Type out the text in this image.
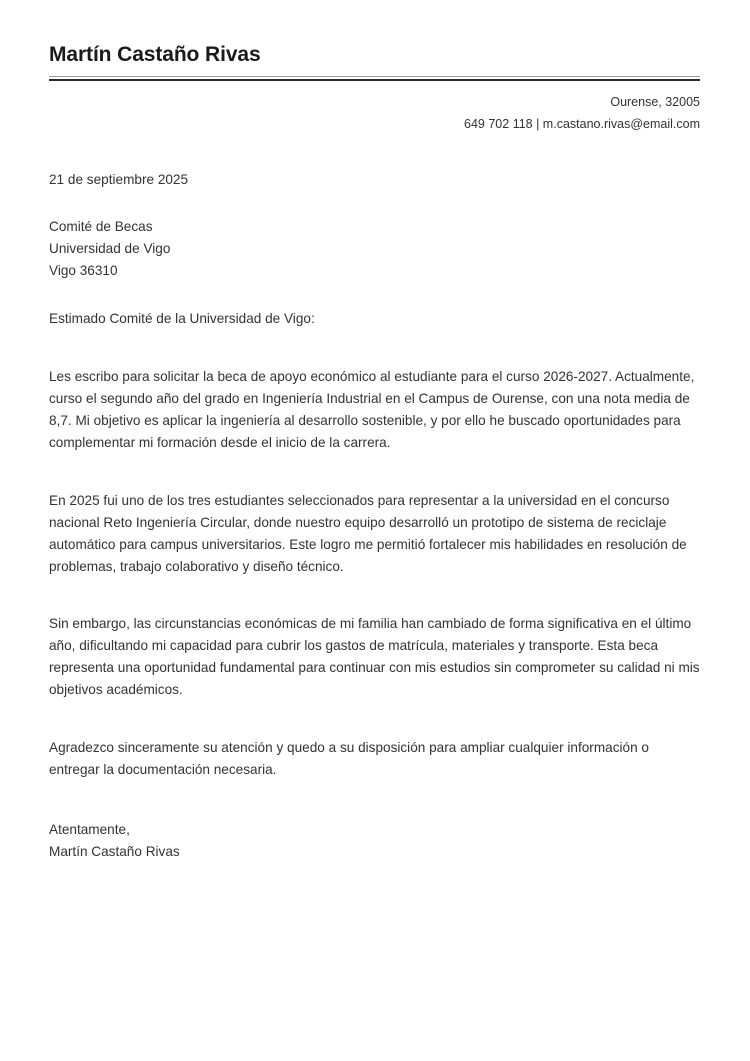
Martín Castaño Rivas
Ourense, 32005
649 702 118 | m.castano.rivas@email.com
21 de septiembre 2025
Comité de Becas
Universidad de Vigo
Vigo 36310
Estimado Comité de la Universidad de Vigo:

Les escribo para solicitar la beca de apoyo económico al estudiante para el curso 2026-2027. Actualmente, curso el segundo año del grado en Ingeniería Industrial en el Campus de Ourense, con una nota media de 8,7. Mi objetivo es aplicar la ingeniería al desarrollo sostenible, y por ello he buscado oportunidades para complementar mi formación desde el inicio de la carrera.

En 2025 fui uno de los tres estudiantes seleccionados para representar a la universidad en el concurso nacional Reto Ingeniería Circular, donde nuestro equipo desarrolló un prototipo de sistema de reciclaje automático para campus universitarios. Este logro me permitió fortalecer mis habilidades en resolución de problemas, trabajo colaborativo y diseño técnico.

Sin embargo, las circunstancias económicas de mi familia han cambiado de forma significativa en el último año, dificultando mi capacidad para cubrir los gastos de matrícula, materiales y transporte. Esta beca representa una oportunidad fundamental para continuar con mis estudios sin comprometer su calidad ni mis objetivos académicos.

Agradezco sinceramente su atención y quedo a su disposición para ampliar cualquier información o entregar la documentación necesaria.

Atentamente,
Martín Castaño Rivas
